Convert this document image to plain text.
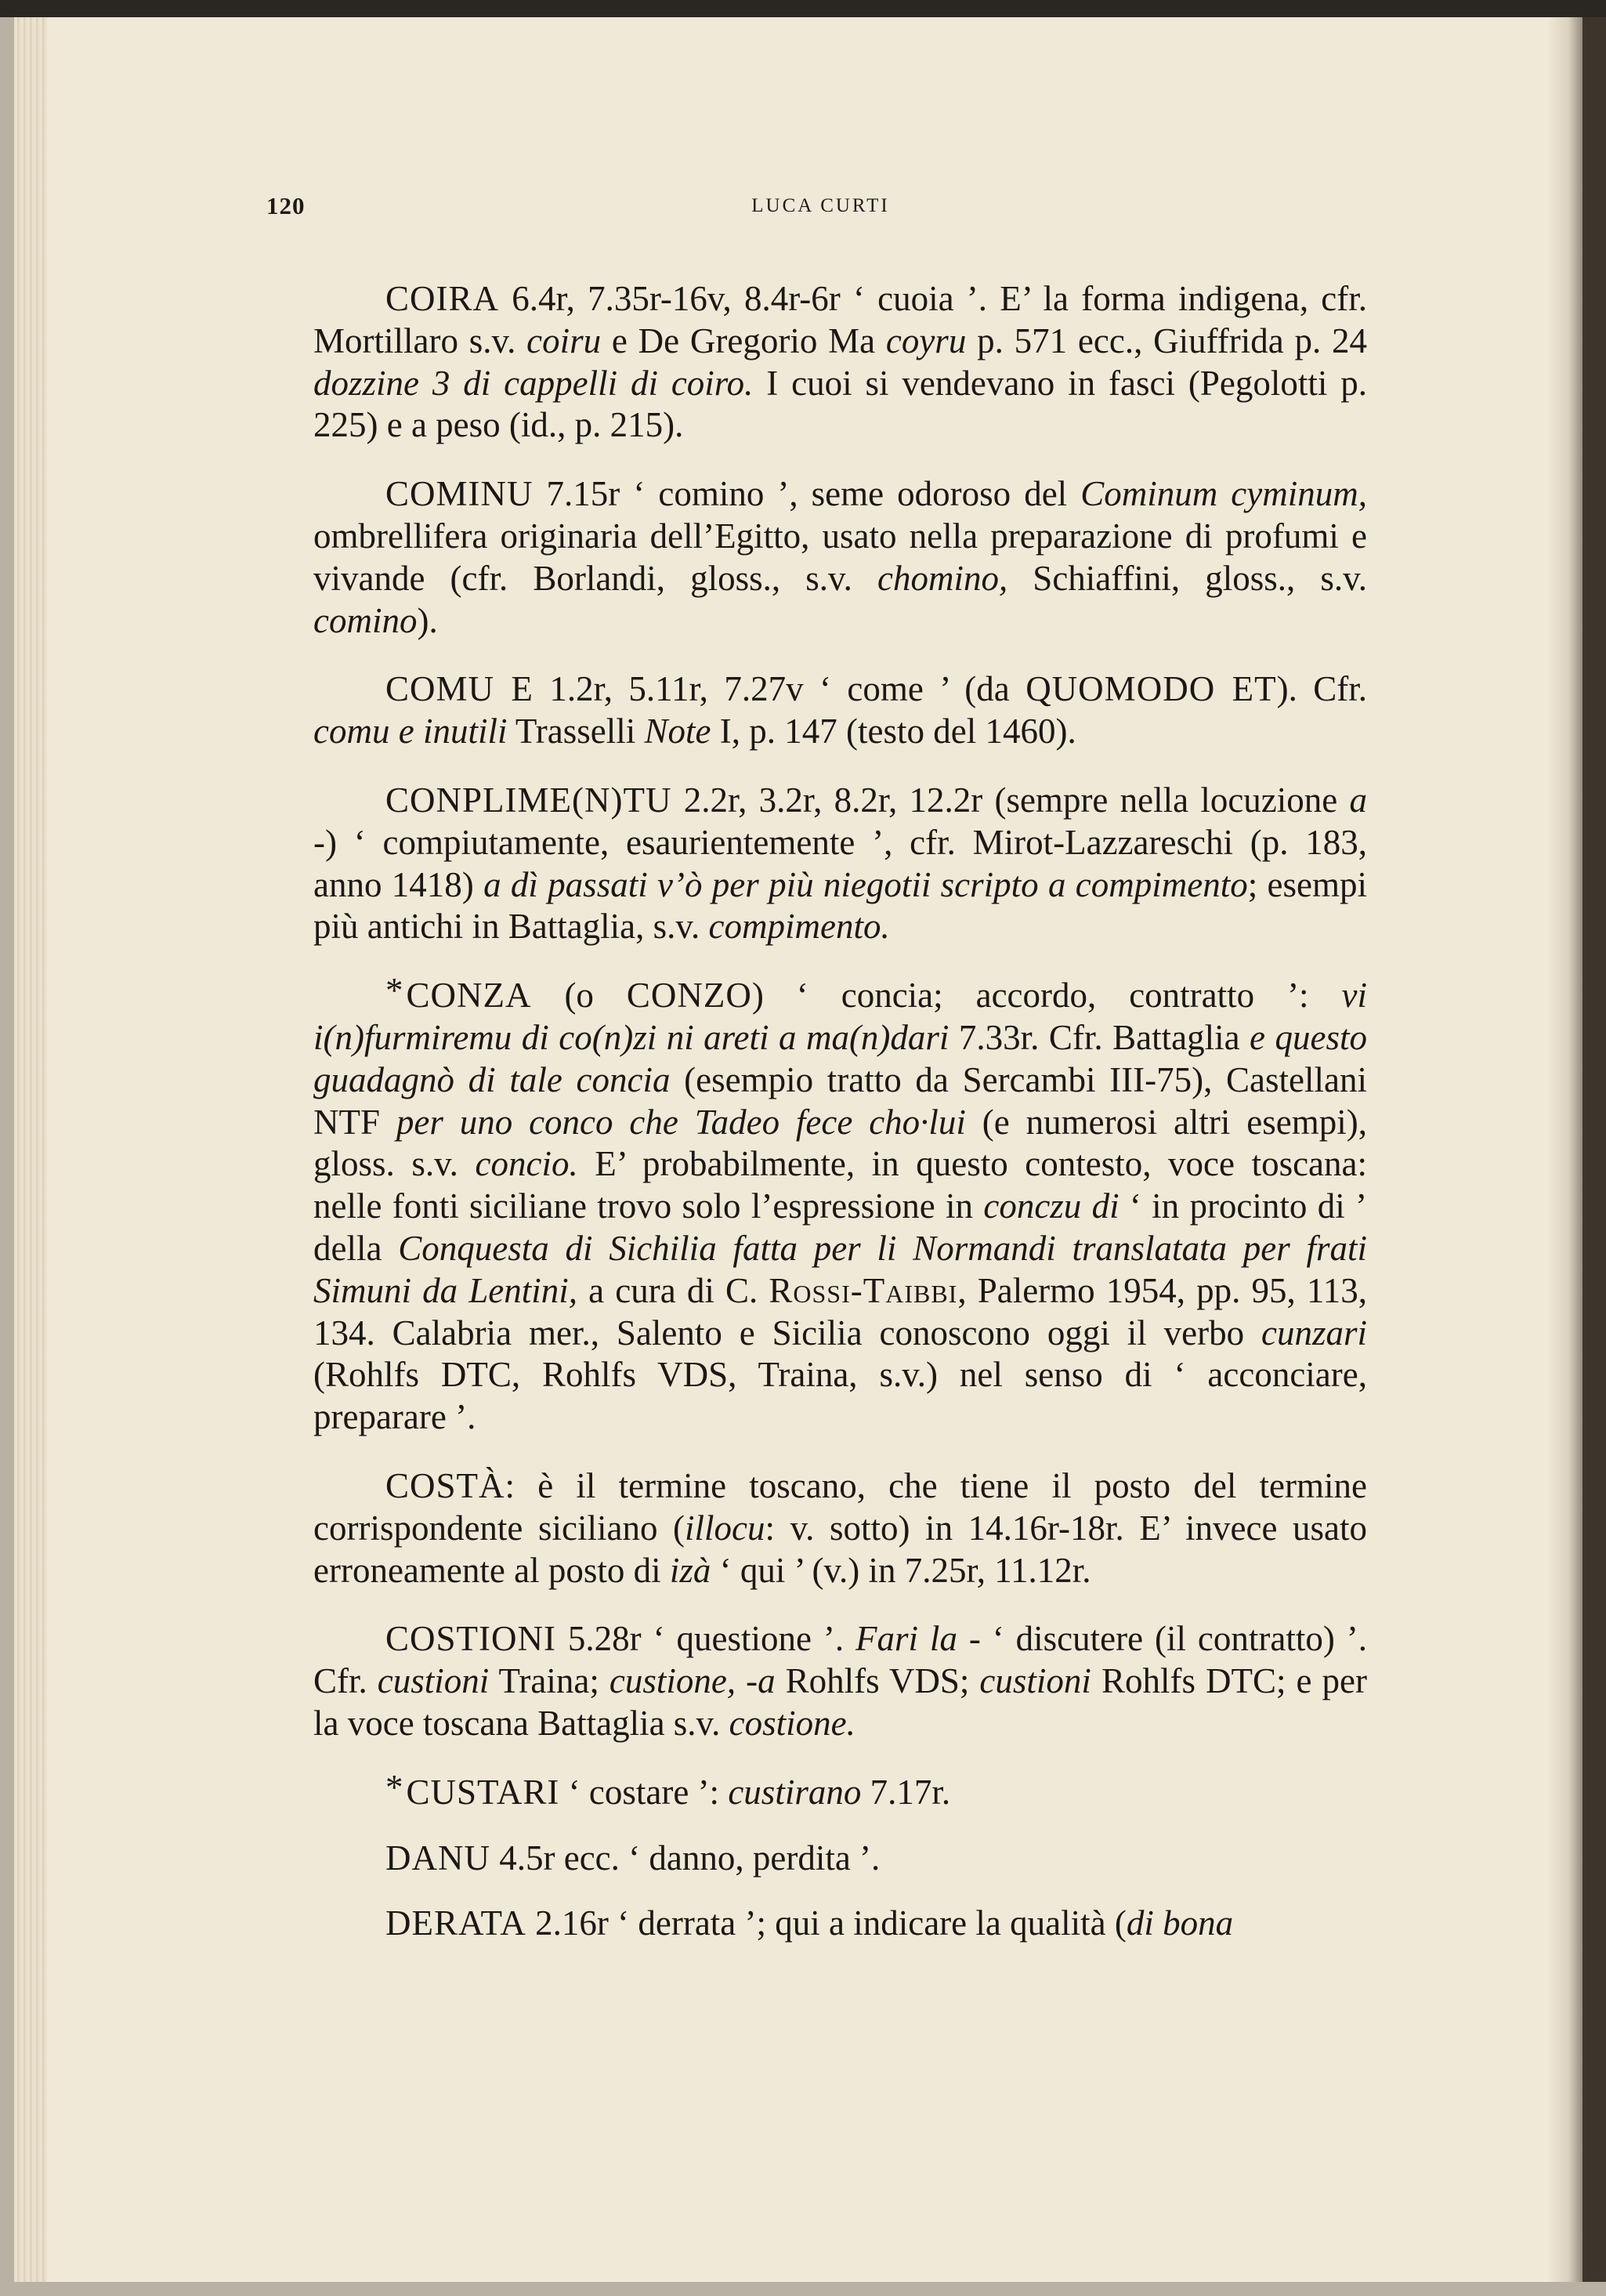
120	LUCA CURTI

COIRA 6.4r, 7.35r-16v, 8.4r-6r ‘ cuoia ’. E’ la forma indigena, cfr. Mortillaro s.v. coiru e De Gregorio Ma coyru p. 571 ecc., Giuffrida p. 24 dozzine 3 di cappelli di coiro. I cuoi si vendevano in fasci (Pegolotti p. 225) e a peso (id., p. 215).

COMINU 7.15r ‘ comino ’, seme odoroso del Cominum cyminum, ombrellifera originaria dell’Egitto, usato nella preparazione di profumi e vivande (cfr. Borlandi, gloss., s.v. chomino, Schiaffini, gloss., s.v. comino).

COMU E 1.2r, 5.11r, 7.27v ‘ come ’ (da QUOMODO ET). Cfr. comu e inutili Trasselli Note I, p. 147 (testo del 1460).

CONPLIME(N)TU 2.2r, 3.2r, 8.2r, 12.2r (sempre nella locuzione a -) ‘ compiutamente, esaurientemente ’, cfr. Mirot-Lazzareschi (p. 183, anno 1418) a dì passati v’ò per più niegotii scripto a compimento; esempi più antichi in Battaglia, s.v. compimento.

*CONZA (o CONZO) ‘ concia; accordo, contratto ’: vi i(n)furmiremu di co(n)zi ni areti a ma(n)dari 7.33r. Cfr. Battaglia e questo guadagnò di tale concia (esempio tratto da Sercambi III-75), Castellani NTF per uno conco che Tadeo fece cho·lui (e numerosi altri esempi), gloss. s.v. concio. E’ probabilmente, in questo contesto, voce toscana: nelle fonti siciliane trovo solo l’espressione in conczu di ‘ in procinto di ’ della Conquesta di Sichilia fatta per li Normandi translatata per frati Simuni da Lentini, a cura di C. Rossi-Taibbi, Palermo 1954, pp. 95, 113, 134. Calabria mer., Salento e Sicilia conoscono oggi il verbo cunzari (Rohlfs DTC, Rohlfs VDS, Traina, s.v.) nel senso di ‘ acconciare, preparare ’.

COSTÀ: è il termine toscano, che tiene il posto del termine corrispondente siciliano (illocu: v. sotto) in 14.16r-18r. E’ invece usato erroneamente al posto di izà ‘ qui ’ (v.) in 7.25r, 11.12r.

COSTIONI 5.28r ‘ questione ’. Fari la - ‘ discutere (il contratto) ’. Cfr. custioni Traina; custione, -a Rohlfs VDS; custioni Rohlfs DTC; e per la voce toscana Battaglia s.v. costione.

*CUSTARI ‘ costare ’: custirano 7.17r.

DANU 4.5r ecc. ‘ danno, perdita ’.

DERATA 2.16r ‘ derrata ’; qui a indicare la qualità (di bona
